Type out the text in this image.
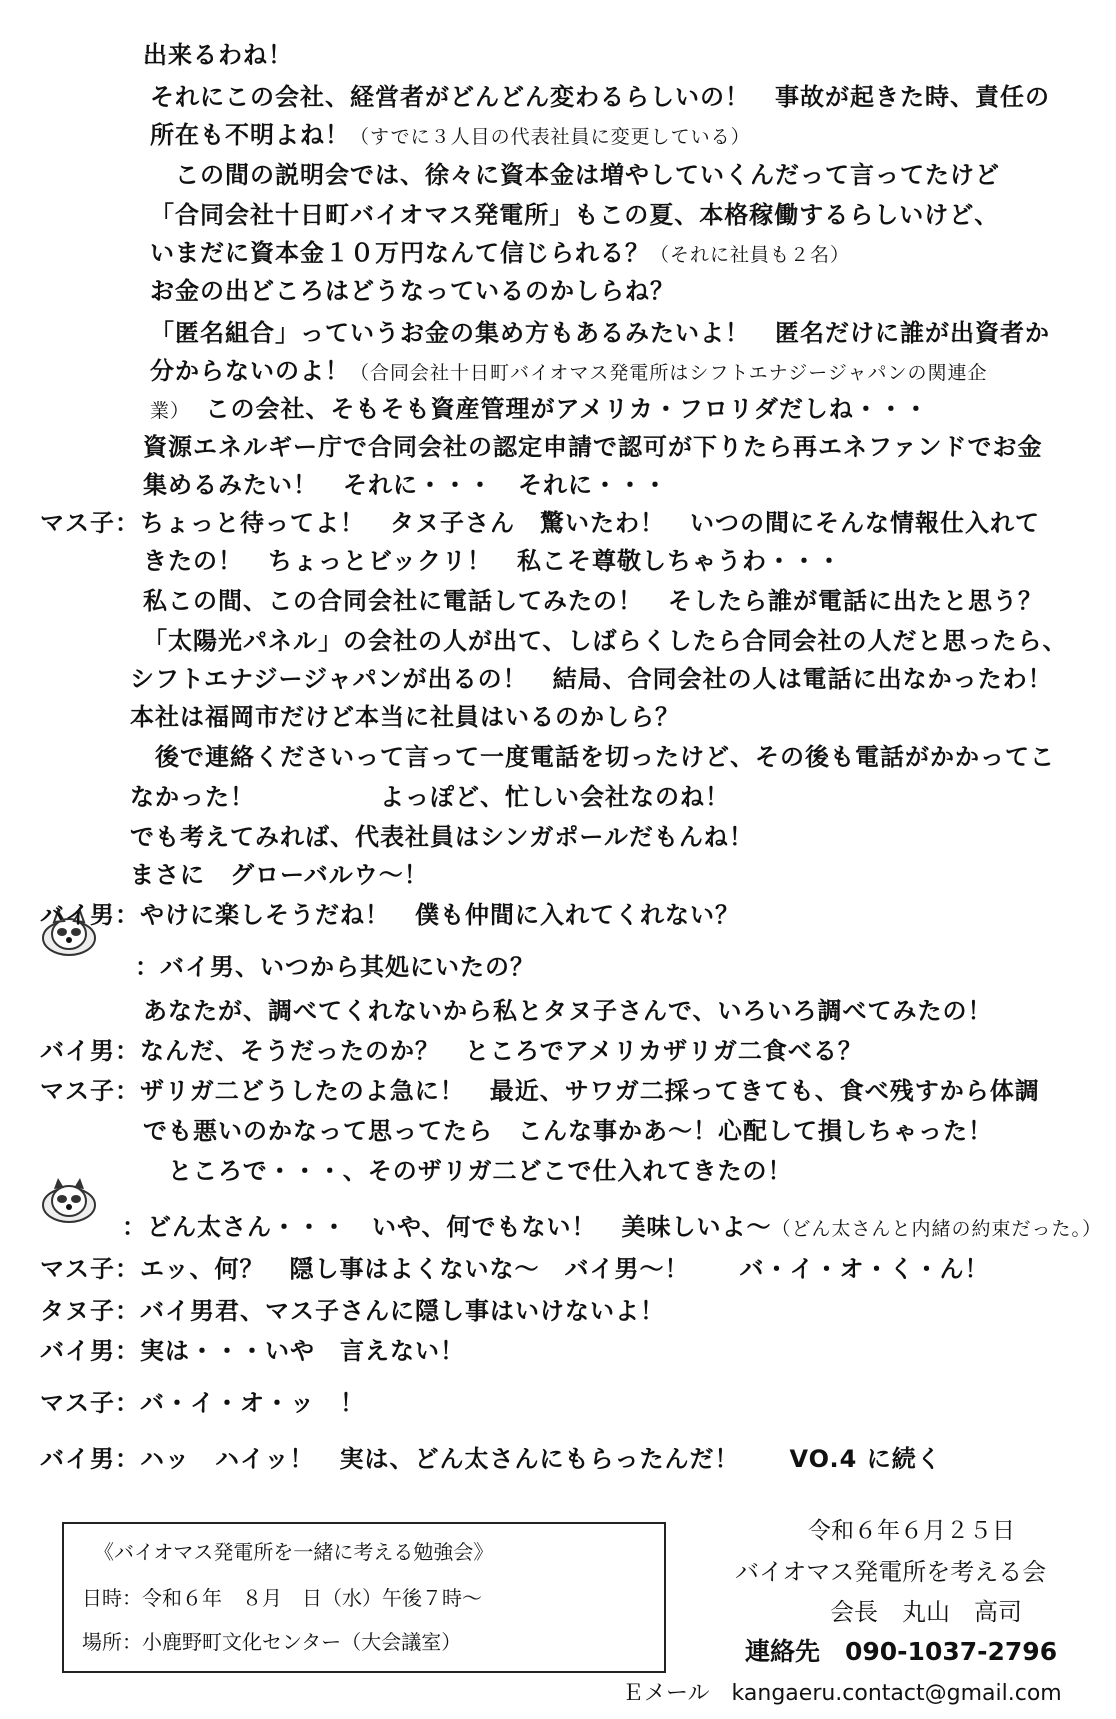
出来るわね！
それにこの会社、経営者がどんどん変わるらしいの！　事故が起きた時、責任の
所在も不明よね！（すでに３人目の代表社員に変更している）
　この間の説明会では、徐々に資本金は増やしていくんだって言ってたけど
「合同会社十日町バイオマス発電所」もこの夏、本格稼働するらしいけど、
いまだに資本金１０万円なんて信じられる？（それに社員も２名）
お金の出どころはどうなっているのかしらね？
「匿名組合」っていうお金の集め方もあるみたいよ！　匿名だけに誰が出資者か
分からないのよ！（合同会社十日町バイオマス発電所はシフトエナジージャパンの関連企
業）　この会社、そもそも資産管理がアメリカ・フロリダだしね・・・
資源エネルギー庁で合同会社の認定申請で認可が下りたら再エネファンドでお金
集めるみたい！　それに・・・　それに・・・
マス子：ちょっと待ってよ！　タヌ子さん　驚いたわ！　いつの間にそんな情報仕入れて
きたの！　ちょっとビックリ！　私こそ尊敬しちゃうわ・・・
私この間、この合同会社に電話してみたの！　そしたら誰が電話に出たと思う？
「太陽光パネル」の会社の人が出て、しばらくしたら合同会社の人だと思ったら、
シフトエナジージャパンが出るの！　結局、合同会社の人は電話に出なかったわ！
本社は福岡市だけど本当に社員はいるのかしら？
　後で連絡くださいって言って一度電話を切ったけど、その後も電話がかかってこ
なかった！　　　　　よっぽど、忙しい会社なのね！
でも考えてみれば、代表社員はシンガポールだもんね！
まさに　グローバルウ～！
バイ男：やけに楽しそうだね！　僕も仲間に入れてくれない？
：バイ男、いつから其処にいたの？
あなたが、調べてくれないから私とタヌ子さんで、いろいろ調べてみたの！
バイ男：なんだ、そうだったのか？　ところでアメリカザリガ二食べる？
マス子：ザリガ二どうしたのよ急に！　最近、サワガ二採ってきても、食べ残すから体調
でも悪いのかなって思ってたら　こんな事かあ～！心配して損しちゃった！
　ところで・・・、そのザリガ二どこで仕入れてきたの！
：どん太さん・・・　いや、何でもない！　美味しいよ～（どん太さんと内緒の約束だった。）
マス子：エッ、何？　隠し事はよくないな～　バイ男～！　　バ・イ・オ・く・ん！
タヌ子：バイ男君、マス子さんに隠し事はいけないよ！
バイ男：実は・・・いや　言えない！
マス子：バ・イ・オ・ッ　！
バイ男：ハッ　ハイッ！　実は、どん太さんにもらったんだ！　　VO.4 に続く
《バイオマス発電所を一緒に考える勉強会》
日時：令和６年　８月　日（水）午後７時～
場所：小鹿野町文化センター（大会議室）
令和６年６月２５日
バイオマス発電所を考える会
会長　丸山　高司
連絡先　090-1037-2796
Ｅメール　kangaeru.contact@gmail.com
